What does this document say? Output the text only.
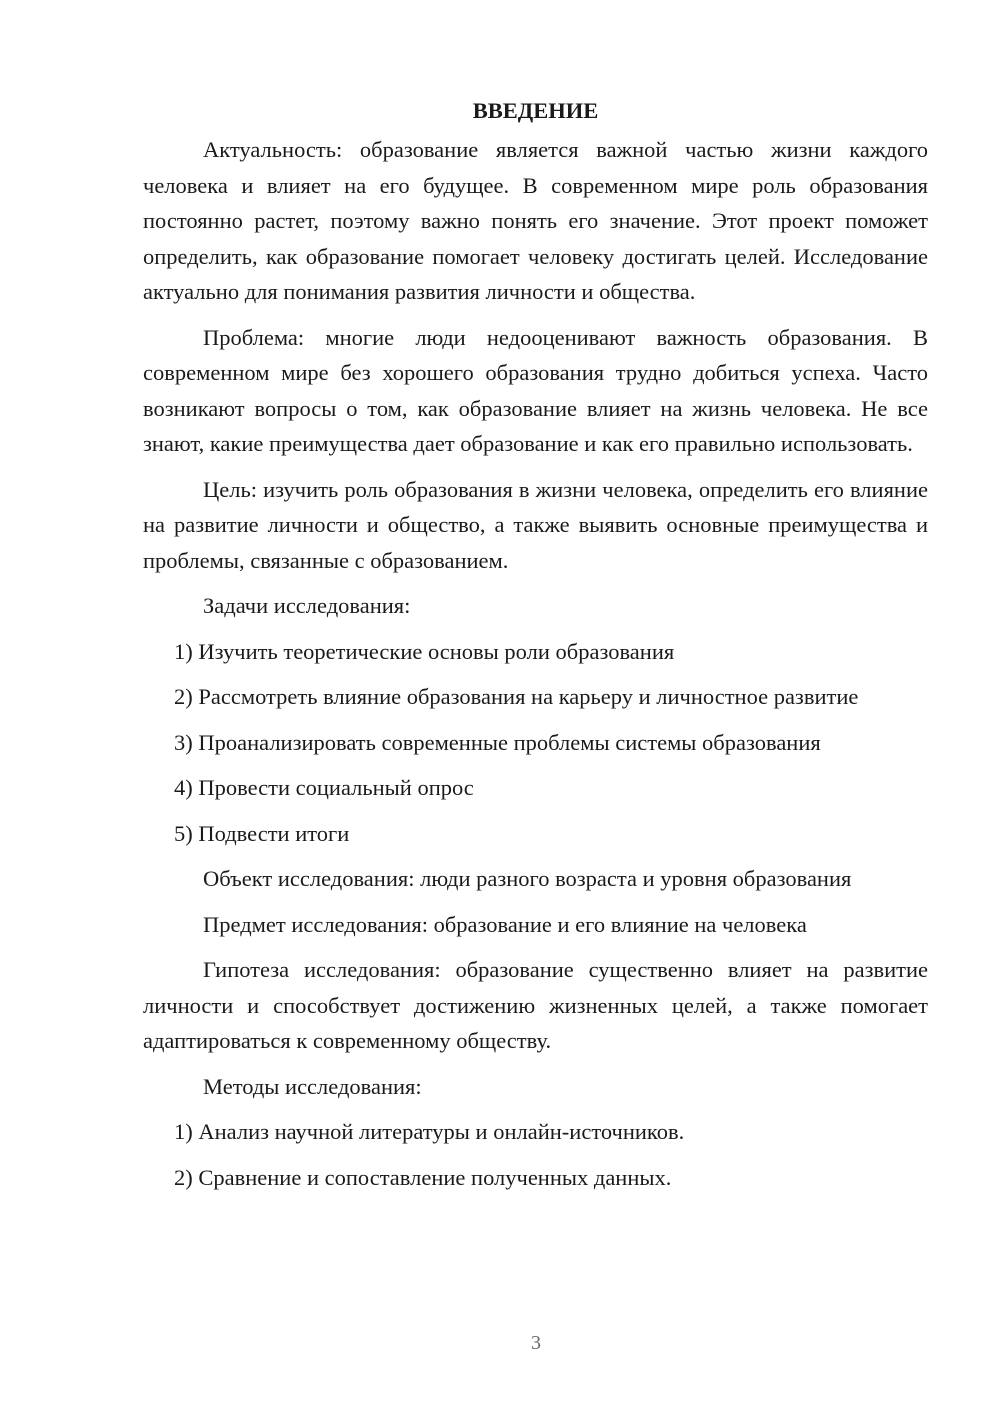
ВВЕДЕНИЕ

Актуальность: образование является важной частью жизни каждого человека и влияет на его будущее. В современном мире роль образования постоянно растет, поэтому важно понять его значение. Этот проект поможет определить, как образование помогает человеку достигать целей. Исследование актуально для понимания развития личности и общества.

Проблема: многие люди недооценивают важность образования. В современном мире без хорошего образования трудно добиться успеха. Часто возникают вопросы о том, как образование влияет на жизнь человека. Не все знают, какие преимущества дает образование и как его правильно использовать.

Цель: изучить роль образования в жизни человека, определить его влияние на развитие личности и общество, а также выявить основные преимущества и проблемы, связанные с образованием.

Задачи исследования:

1) Изучить теоретические основы роли образования

2) Рассмотреть влияние образования на карьеру и личностное развитие

3) Проанализировать современные проблемы системы образования

4) Провести социальный опрос

5) Подвести итоги

Объект исследования: люди разного возраста и уровня образования

Предмет исследования: образование и его влияние на человека

Гипотеза исследования: образование существенно влияет на развитие личности и способствует достижению жизненных целей, а также помогает адаптироваться к современному обществу.

Методы исследования:

1) Анализ научной литературы и онлайн-источников.

2) Сравнение и сопоставление полученных данных.

3
